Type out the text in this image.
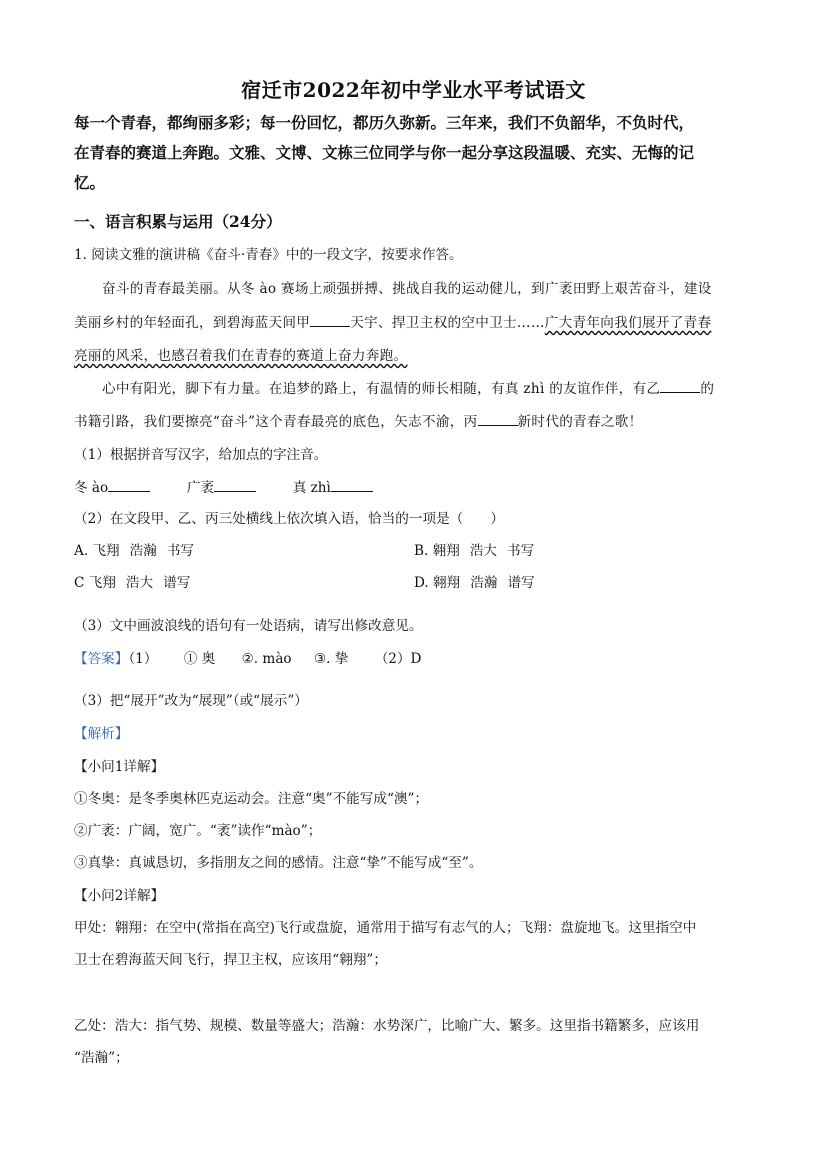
宿迁市2022年初中学业水平考试语文
每一个青春，都绚丽多彩；每一份回忆，都历久弥新。三年来，我们不负韶华，不负时代，
在青春的赛道上奔跑。文雅、文博、文栋三位同学与你一起分享这段温暖、充实、无悔的记
忆。
一、语言积累与运用（24分）
1. 阅读文雅的演讲稿《奋斗·青春》中的一段文字，按要求作答。
奋斗的青春最美丽。从冬 ào 赛场上顽强拼搏、挑战自我的运动健儿，到广袤田野上艰苦奋斗，建设
美丽乡村的年轻面孔，到碧海蓝天间甲	天宇、捍卫主权的空中卫士……广大青年向我们展开了青春
亮丽的风采，也感召着我们在青春的赛道上奋力奔跑。
心中有阳光，脚下有力量。在追梦的路上，有温情的师长相随，有真 zhì 的友谊作伴，有乙	的
书籍引路，我们要擦亮“奋斗”这个青春最亮的底色，矢志不渝，丙	新时代的青春之歌！
（1）根据拼音写汉字，给加点的字注音。
冬 ào	广袤	真 zhì
（2）在文段甲、乙、丙三处横线上依次填入语，恰当的一项是（　　）
A. 飞翔 浩瀚 书写	B. 翱翔 浩大 书写
C 飞翔 浩大 谱写	D. 翱翔 浩瀚 谱写
（3）文中画波浪线的语句有一处语病，请写出修改意见。
【答案】（1） ① 奥 ②. mào ③. 挚 （2）D
（3）把“展开”改为“展现”（或“展示”）
【解析】
【小问1详解】
①冬奥：是冬季奥林匹克运动会。注意“奥”不能写成“澳”；
②广袤：广阔，宽广。“袤”读作“mào”；
③真挚：真诚恳切，多指朋友之间的感情。注意“挚”不能写成“至”。
【小问2详解】
甲处：翱翔：在空中(常指在高空)飞行或盘旋，通常用于描写有志气的人；飞翔：盘旋地飞。这里指空中
卫士在碧海蓝天间飞行，捍卫主权，应该用“翱翔”；
乙处：浩大：指气势、规模、数量等盛大；浩瀚：水势深广，比喻广大、繁多。这里指书籍繁多，应该用
“浩瀚”；
